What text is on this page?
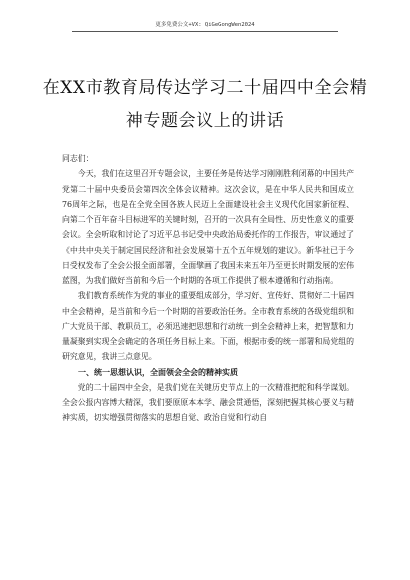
更多免费公文+VX: QiGeGongWen2024
在XX市教育局传达学习二十届四中全会精
神专题会议上的讲话

同志们：

今天，我们在这里召开专题会议，主要任务是传达学习刚刚胜利闭幕的中国共产党第二十届中央委员会第四次全体会议精神。这次会议，是在中华人民共和国成立76周年之际，也是在全党全国各族人民迈上全面建设社会主义现代化国家新征程、向第二个百年奋斗目标进军的关键时刻，召开的一次具有全局性、历史性意义的重要会议。全会听取和讨论了习近平总书记受中央政治局委托作的工作报告，审议通过了《中共中央关于制定国民经济和社会发展第十五个五年规划的建议》。新华社已于今日受权发布了全会公报全面部署，全面擘画了我国未来五年乃至更长时期发展的宏伟蓝图，为我们做好当前和今后一个时期的各项工作提供了根本遵循和行动指南。

我们教育系统作为党的事业的重要组成部分，学习好、宣传好、贯彻好二十届四中全会精神，是当前和今后一个时期的首要政治任务。全市教育系统的各级党组织和广大党员干部、教职员工，必须迅速把思想和行动统一到全会精神上来，把智慧和力量凝聚到实现全会确定的各项任务目标上来。下面，根据市委的统一部署和局党组的研究意见，我讲三点意见。

一、统一思想认识，全面领会全会的精神实质

党的二十届四中全会，是我们党在关键历史节点上的一次精准把舵和科学谋划。全会公报内容博大精深，我们要原原本本学、融会贯通悟，深刻把握其核心要义与精神实质，切实增强贯彻落实的思想自觉、政治自觉和行动自
